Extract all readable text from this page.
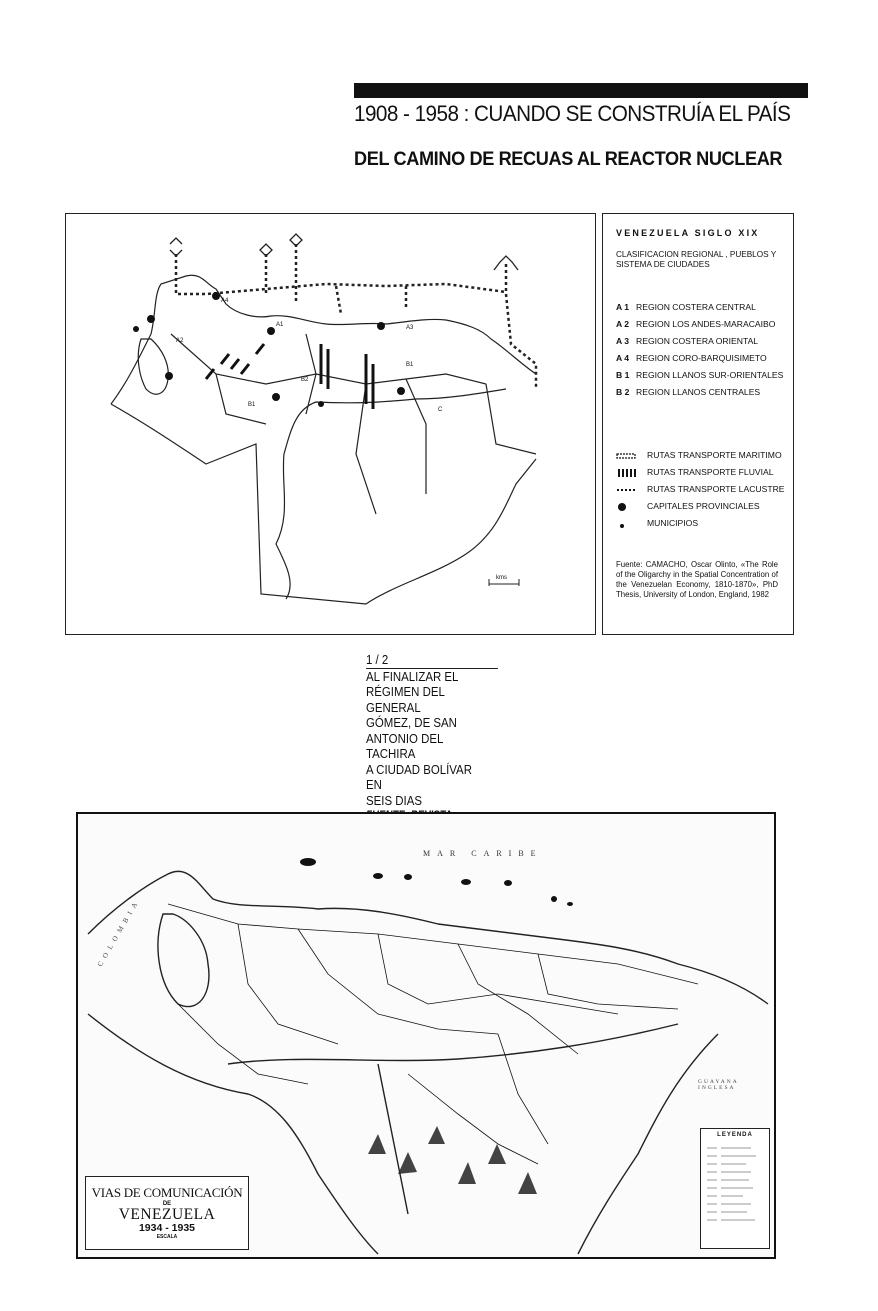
1908 - 1958 : CUANDO SE CONSTRUÍA EL PAÍS
DEL CAMINO DE RECUAS AL REACTOR NUCLEAR
A2
A4
A1	A3
B1
B2
B1
C
kms
VENEZUELA SIGLO XIX
CLASIFICACION REGIONAL , PUEBLOS Y SISTEMA DE CIUDADES
A 1 REGION COSTERA CENTRAL
A 2 REGION LOS ANDES-MARACAIBO
A 3 REGION COSTERA ORIENTAL
A 4 REGION CORO-BARQUISIMETO
B 1 REGION LLANOS SUR-ORIENTALES
B 2 REGION LLANOS CENTRALES
RUTAS TRANSPORTE MARITIMO
RUTAS TRANSPORTE FLUVIAL
RUTAS TRANSPORTE LACUSTRE
CAPITALES PROVINCIALES
MUNICIPIOS
Fuente: CAMACHO, Oscar Olinto, «The Role of the Oligarchy in the Spatial Concentration of the Venezuelan Economy, 1810-1870», PhD Thesis, University of London, England, 1982
1 / 2
AL FINALIZAR EL
RÉGIMEN DEL GENERAL
GÓMEZ, DE SAN
ANTONIO DEL TACHIRA
A CIUDAD BOLÍVAR EN
SEIS DIAS
MAR CARIBE
COLOMBIA
GUAYANA INGLESA
VIAS DE COMUNICACIÓN
DE
VENEZUELA
1934 - 1935
ESCALA
LEYENDA
